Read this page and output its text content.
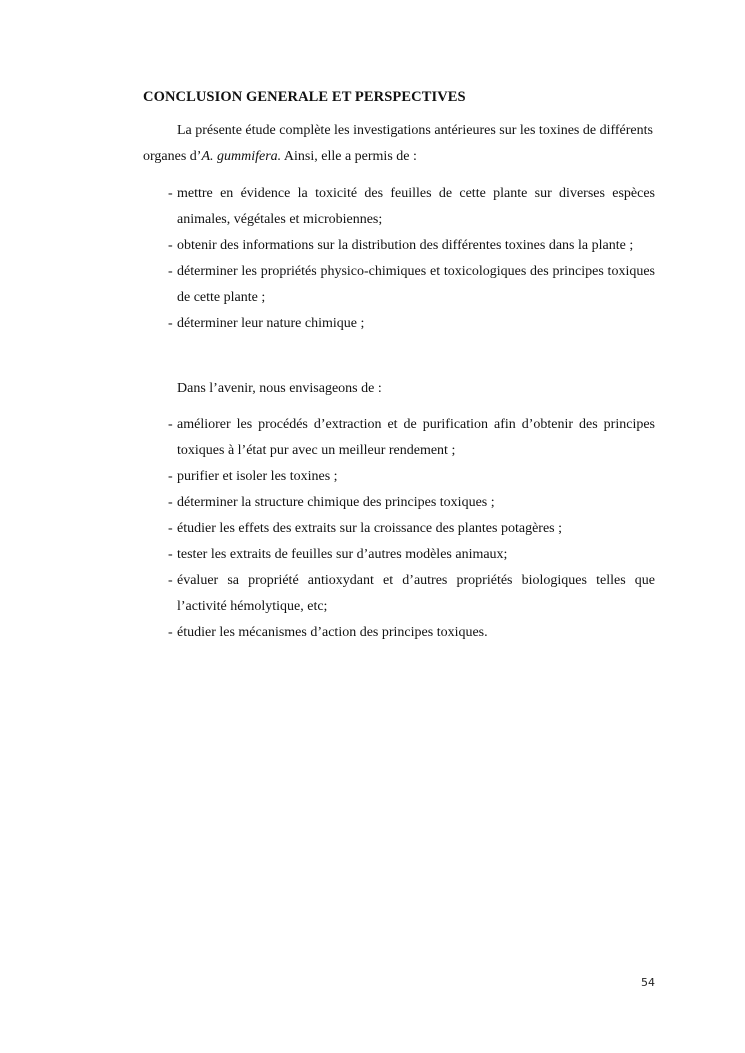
CONCLUSION GENERALE ET PERSPECTIVES

La présente étude complète les investigations antérieures sur les toxines de différents organes d’A. gummifera. Ainsi, elle a permis de :

- mettre en évidence la toxicité des feuilles de cette plante sur diverses espèces animales, végétales et microbiennes;
- obtenir des informations sur la distribution des différentes toxines dans la plante ;
- déterminer les propriétés physico-chimiques et toxicologiques des principes toxiques de cette plante ;
- déterminer leur nature chimique ;
Dans l’avenir, nous envisageons de :
- améliorer les procédés d’extraction et de purification afin d’obtenir des principes toxiques à l’état pur avec un meilleur rendement ;
- purifier et isoler les toxines ;
- déterminer la structure chimique des principes toxiques ;
- étudier les effets des extraits sur la croissance des plantes potagères ;
- tester les extraits de feuilles sur d’autres modèles animaux;
- évaluer sa propriété antioxydant et d’autres propriétés biologiques telles que l’activité hémolytique, etc;
- étudier les mécanismes d’action des principes toxiques.
54
